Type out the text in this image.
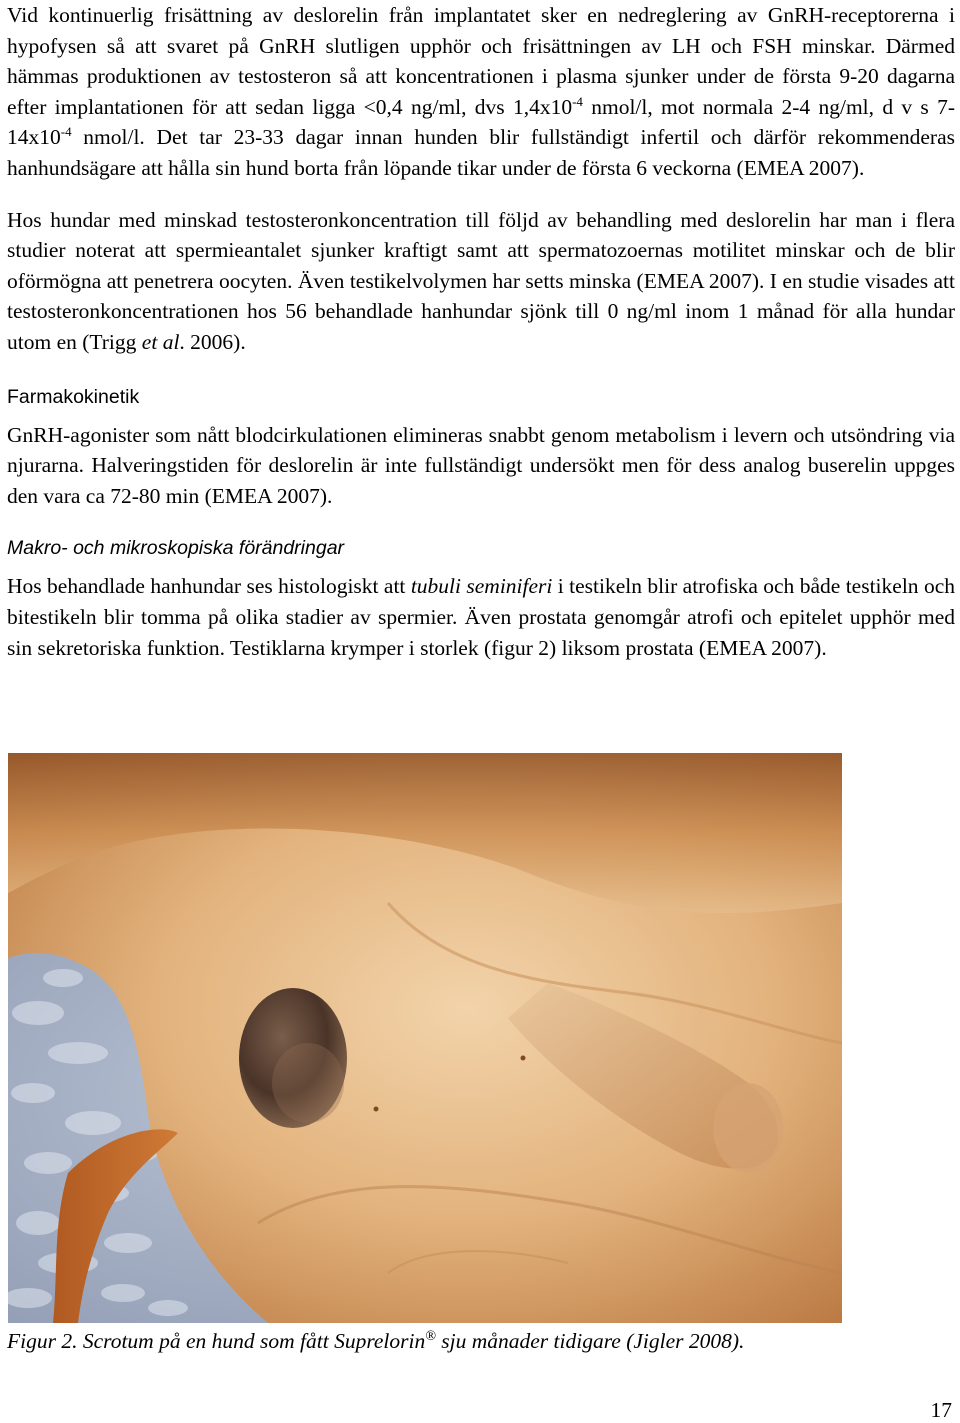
Vid kontinuerlig frisättning av deslorelin från implantatet sker en nedreglering av GnRH-receptorerna i hypofysen så att svaret på GnRH slutligen upphör och frisättningen av LH och FSH minskar. Därmed hämmas produktionen av testosteron så att koncentrationen i plasma sjunker under de första 9-20 dagarna efter implantationen för att sedan ligga <0,4 ng/ml, dvs $1,4x10^{-4}$ nmol/l, mot normala 2-4 ng/ml, d v s $7-14x10^{-4}$ nmol/l. Det tar 23-33 dagar innan hunden blir fullständigt infertil och därför rekommenderas hanhundsägare att hålla sin hund borta från löpande tikar under de första 6 veckorna (EMEA 2007).

Hos hundar med minskad testosteronkoncentration till följd av behandling med deslorelin har man i flera studier noterat att spermieantalet sjunker kraftigt samt att spermatozoernas motilitet minskar och de blir oförmögna att penetrera oocyten. Även testikelvolymen har setts minska (EMEA 2007). I en studie visades att testosteronkoncentrationen hos 56 behandlade hanhundar sjönk till 0 ng/ml inom 1 månad för alla hundar utom en (Trigg et al. 2006).

Farmakokinetik

GnRH-agonister som nått blodcirkulationen elimineras snabbt genom metabolism i levern och utsöndring via njurarna. Halveringstiden för deslorelin är inte fullständigt undersökt men för dess analog buserelin uppges den vara ca 72-80 min (EMEA 2007).

Makro- och mikroskopiska förändringar

Hos behandlade hanhundar ses histologiskt att tubuli seminiferi i testikeln blir atrofiska och både testikeln och bitestikeln blir tomma på olika stadier av spermier. Även prostata genomgår atrofi och epitelet upphör med sin sekretoriska funktion. Testiklarna krymper i storlek (figur 2) liksom prostata (EMEA 2007).

Figur 2. Scrotum på en hund som fått Suprelorin® sju månader tidigare (Jigler 2008).
17
